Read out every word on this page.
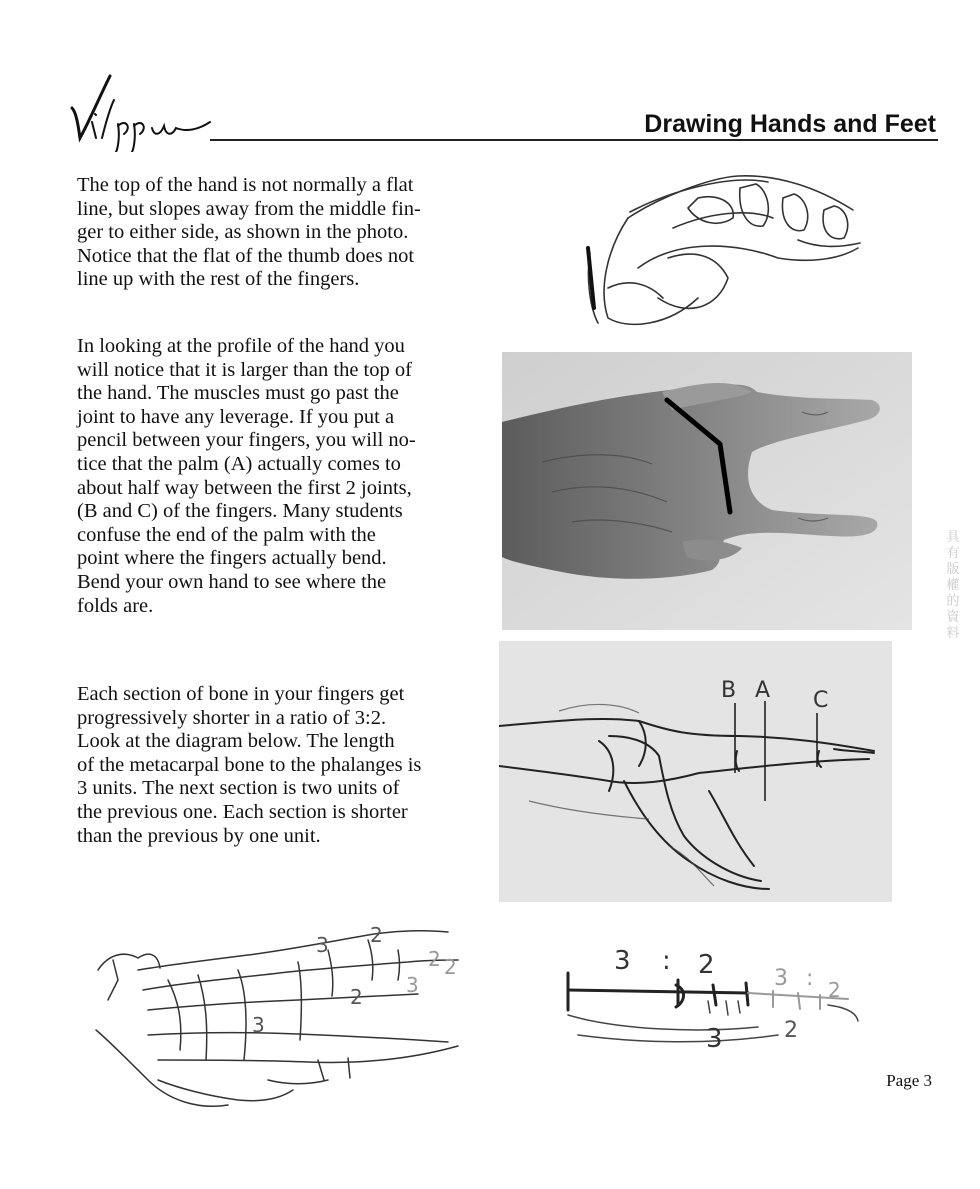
Drawing Hands and Feet
The top of the hand is not normally a flat
line, but slopes away from the middle fin-
ger to either side, as shown in the photo.
Notice that the flat of the thumb does not
line up with the rest of the fingers.
In looking at the profile of the hand you
will notice that it is larger than the top of
the hand. The muscles must go past the
joint to have any leverage. If you put a
pencil between your fingers, you will no-
tice that the palm (A) actually comes to
about half way between the first 2 joints,
(B and C) of the fingers. Many students
confuse the end of the palm with the
point where the fingers actually bend.
Bend your own hand to see where the
folds are.
Each section of bone in your fingers get
progressively shorter in a ratio of 3:2.
Look at the diagram below. The length
of the metacarpal bone to the phalanges is
3 units. The next section is two units of
the previous one. Each section is shorter
than the previous by one unit.
B A C
3 2
3
2
2
3
2	3 : 2	3 : 2
3	2
具有版權的資料
Page 3
